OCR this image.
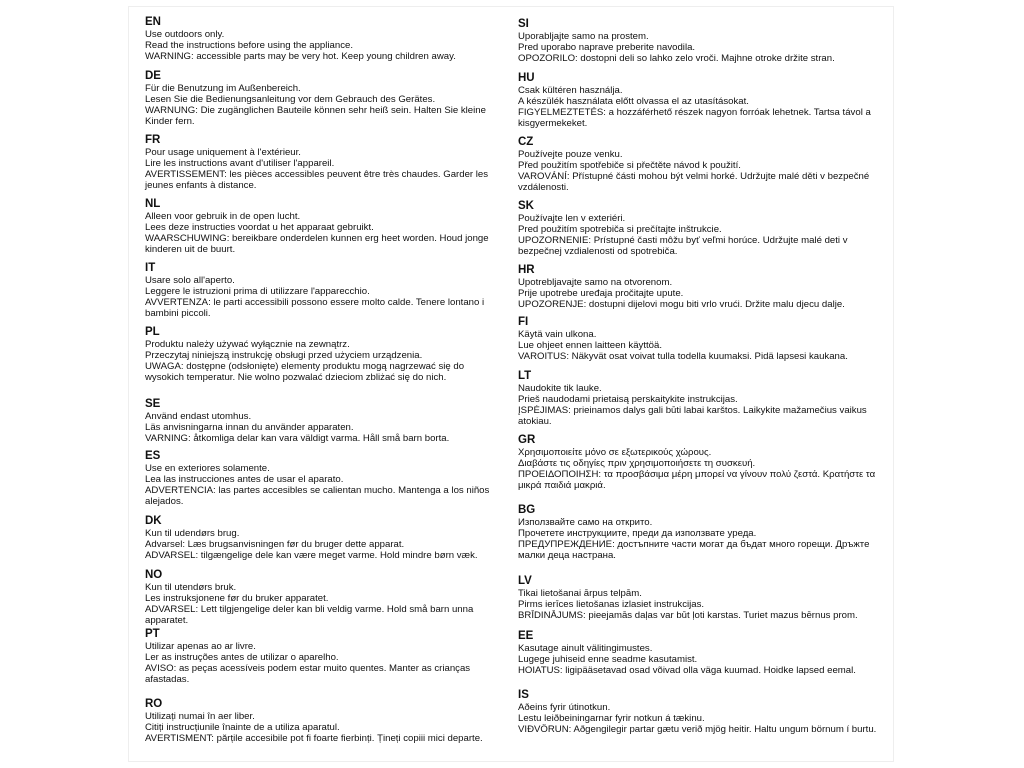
EN
Use outdoors only.
Read the instructions before using the appliance.
WARNING: accessible parts may be very hot. Keep young children away.
DE
Für die Benutzung im Außenbereich.
Lesen Sie die Bedienungsanleitung vor dem Gebrauch des Gerätes.
WARNUNG: Die zugänglichen Bauteile können sehr heiß sein. Halten Sie kleine Kinder fern.
FR
Pour usage uniquement à l'extérieur.
Lire les instructions avant d'utiliser l'appareil.
AVERTISSEMENT: les pièces accessibles peuvent être très chaudes. Garder les jeunes enfants à distance.
NL
Alleen voor gebruik in de open lucht.
Lees deze instructies voordat u het apparaat gebruikt.
WAARSCHUWING: bereikbare onderdelen kunnen erg heet worden. Houd jonge kinderen uit de buurt.
IT
Usare solo all'aperto.
Leggere le istruzioni prima di utilizzare l'apparecchio.
AVVERTENZA: le parti accessibili possono essere molto calde. Tenere lontano i bambini piccoli.
PL
Produktu należy używać wyłącznie na zewnątrz.
Przeczytaj niniejszą instrukcję obsługi przed użyciem urządzenia.
UWAGA: dostępne (odsłonięte) elementy produktu mogą nagrzewać się do wysokich temperatur. Nie wolno pozwalać dzieciom zbliżać się do nich.
SE
Använd endast utomhus.
Läs anvisningarna innan du använder apparaten.
VARNING: åtkomliga delar kan vara väldigt varma. Håll små barn borta.
ES
Use en exteriores solamente.
Lea las instrucciones antes de usar el aparato.
ADVERTENCIA: las partes accesibles se calientan mucho. Mantenga a los niños alejados.
DK
Kun til udendørs brug.
Advarsel: Læs brugsanvisningen før du bruger dette apparat.
ADVARSEL: tilgængelige dele kan være meget varme. Hold mindre børn væk.
NO
Kun til utendørs bruk.
Les instruksjonene før du bruker apparatet.
ADVARSEL: Lett tilgjengelige deler kan bli veldig varme. Hold små barn unna apparatet.
PT
Utilizar apenas ao ar livre.
Ler as instruções antes de utilizar o aparelho.
AVISO: as peças acessíveis podem estar muito quentes. Manter as crianças afastadas.
RO
Utilizați numai în aer liber.
Citiți instrucțiunile înainte de a utiliza aparatul.
AVERTISMENT: părțile accesibile pot fi foarte fierbinți. Țineți copiii mici departe.
SI
Uporabljajte samo na prostem.
Pred uporabo naprave preberite navodila.
OPOZORILO: dostopni deli so lahko zelo vroči. Majhne otroke držite stran.
HU
Csak kültéren használja.
A készülék használata előtt olvassa el az utasításokat.
FIGYELMEZTETÉS: a hozzáférhető részek nagyon forróak lehetnek. Tartsa távol a kisgyermekeket.
CZ
Používejte pouze venku.
Před použitím spotřebiče si přečtěte návod k použití.
VAROVÁNÍ: Přístupné části mohou být velmi horké. Udržujte malé děti v bezpečné vzdálenosti.
SK
Používajte len v exteriéri.
Pred použitím spotrebiča si prečítajte inštrukcie.
UPOZORNENIE: Prístupné časti môžu byť veľmi horúce. Udržujte malé deti v bezpečnej vzdialenosti od spotrebiča.
HR
Upotrebljavajte samo na otvorenom.
Prije upotrebe uređaja pročitajte upute.
UPOZORENJE: dostupni dijelovi mogu biti vrlo vrući. Držite malu djecu dalje.
FI
Käytä vain ulkona.
Lue ohjeet ennen laitteen käyttöä.
VAROITUS: Näkyvät osat voivat tulla todella kuumaksi. Pidä lapsesi kaukana.
LT
Naudokite tik lauke.
Prieš naudodami prietaisą perskaitykite instrukcijas.
ĮSPĖJIMAS: prieinamos dalys gali būti labai karštos. Laikykite mažamečius vaikus atokiau.
GR
Χρησιμοποιείτε μόνο σε εξωτερικούς χώρους.
Διαβάστε τις οδηγίες πριν χρησιμοποιήσετε τη συσκευή.
ΠΡΟΕΙΔΟΠΟΙΗΣΗ: τα προσβάσιμα μέρη μπορεί να γίνουν πολύ ζεστά. Κρατήστε τα μικρά παιδιά μακριά.
BG
Използвайте само на открито.
Прочетете инструкциите, преди да използвате уреда.
ПРЕДУПРЕЖДЕНИЕ: достъпните части могат да бъдат много горещи. Дръжте малки деца настрана.
LV
Tikai lietošanai ārpus telpām.
Pirms ierīces lietošanas izlasiet instrukcijas.
BRĪDINĀJUMS: pieejamās daļas var būt ļoti karstas. Turiet mazus bērnus prom.
EE
Kasutage ainult välitingimustes.
Lugege juhiseid enne seadme kasutamist.
HOIATUS: ligipääsetavad osad võivad olla väga kuumad. Hoidke lapsed eemal.
IS
Aðeins fyrir útinotkun.
Lestu leiðbeiningarnar fyrir notkun á tækinu.
VIÐVÖRUN: Aðgengilegir partar gætu verið mjög heitir. Haltu ungum börnum í burtu.
